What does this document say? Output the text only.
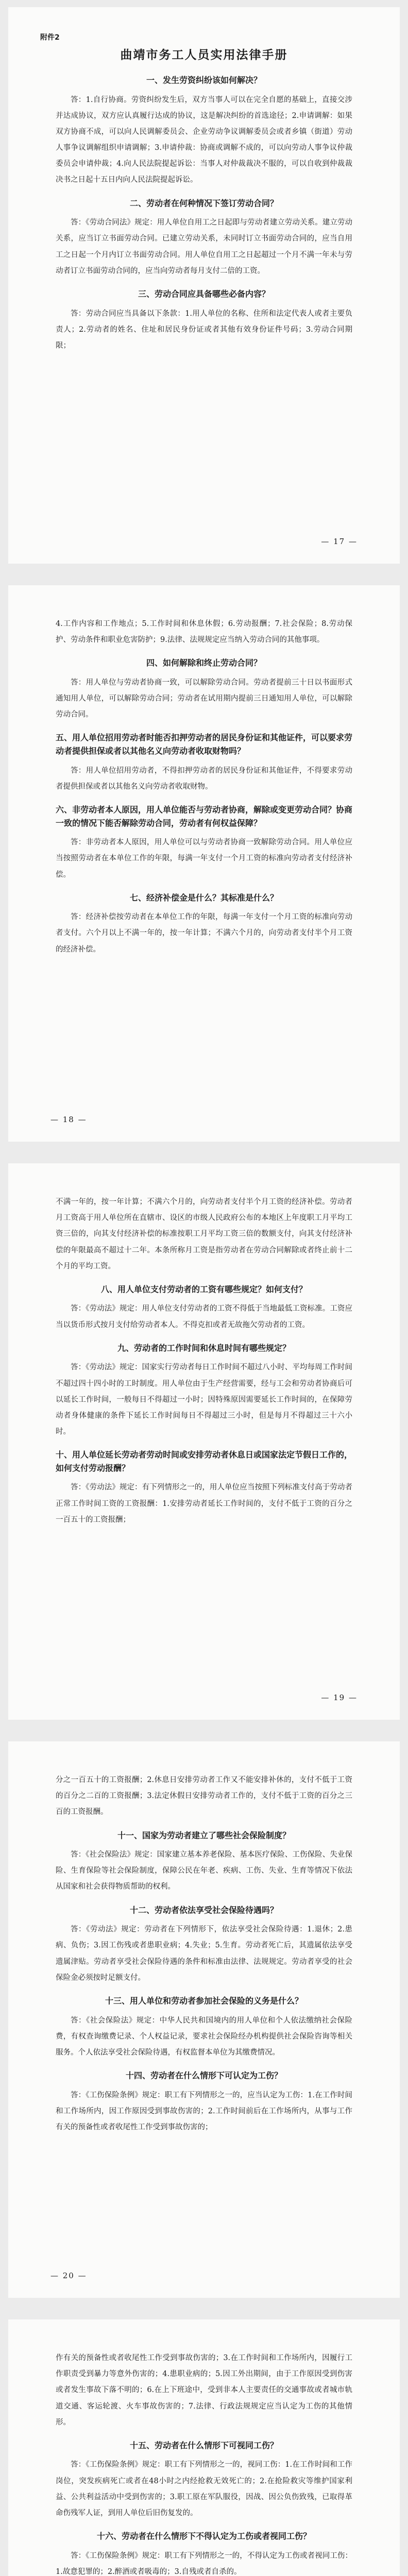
附件2
曲靖市务工人员实用法律手册
一、发生劳资纠纷该如何解决？

答：1.自行协商。劳资纠纷发生后，双方当事人可以在完全自愿的基础上，直接交涉并达成协议，双方应认真履行达成的协议，这是解决纠纷的首选途径；2.申请调解：如果双方协商不成，可以向人民调解委员会、企业劳动争议调解委员会或者乡镇（街道）劳动人事争议调解组织申请调解；3.申请仲裁：协商或调解不成的，可以向劳动人事争议仲裁委员会申请仲裁；4.向人民法院提起诉讼：当事人对仲裁裁决不服的，可以自收到仲裁裁决书之日起十五日内向人民法院提起诉讼。

二、劳动者在何种情况下签订劳动合同？

答：《劳动合同法》规定：用人单位自用工之日起即与劳动者建立劳动关系。建立劳动关系，应当订立书面劳动合同。已建立劳动关系，未同时订立书面劳动合同的，应当自用工之日起一个月内订立书面劳动合同。用人单位自用工之日起超过一个月不满一年未与劳动者订立书面劳动合同的，应当向劳动者每月支付二倍的工资。

三、劳动合同应具备哪些必备内容？

答：劳动合同应当具备以下条款：1.用人单位的名称、住所和法定代表人或者主要负责人；2.劳动者的姓名、住址和居民身份证或者其他有效身份证件号码；3.劳动合同期限；

— 17 —

4.工作内容和工作地点；5.工作时间和休息休假；6.劳动报酬；7.社会保险；8.劳动保护、劳动条件和职业危害防护；9.法律、法规规定应当纳入劳动合同的其他事项。

四、如何解除和终止劳动合同？

答：用人单位与劳动者协商一致，可以解除劳动合同。劳动者提前三十日以书面形式通知用人单位，可以解除劳动合同；劳动者在试用期内提前三日通知用人单位，可以解除劳动合同。

五、用人单位招用劳动者时能否扣押劳动者的居民身份证和其他证件，可以要求劳动者提供担保或者以其他名义向劳动者收取财物吗？

答：用人单位招用劳动者，不得扣押劳动者的居民身份证和其他证件，不得要求劳动者提供担保或者以其他名义向劳动者收取财物。

六、非劳动者本人原因，用人单位能否与劳动者协商，解除或变更劳动合同？协商一致的情况下能否解除劳动合同，劳动者有何权益保障？

答：非劳动者本人原因，用人单位可以与劳动者协商一致解除劳动合同。用人单位应当按照劳动者在本单位工作的年限，每满一年支付一个月工资的标准向劳动者支付经济补偿。

七、经济补偿金是什么？其标准是什么？

答：经济补偿按劳动者在本单位工作的年限，每满一年支付一个月工资的标准向劳动者支付。六个月以上不满一年的，按一年计算；不满六个月的，向劳动者支付半个月工资的经济补偿。

— 18 —

不满一年的，按一年计算；不满六个月的，向劳动者支付半个月工资的经济补偿。劳动者月工资高于用人单位所在直辖市、设区的市级人民政府公布的本地区上年度职工月平均工资三倍的，向其支付经济补偿的标准按职工月平均工资三倍的数额支付，向其支付经济补偿的年限最高不超过十二年。本条所称月工资是指劳动者在劳动合同解除或者终止前十二个月的平均工资。

八、用人单位支付劳动者的工资有哪些规定？如何支付？

答：《劳动法》规定：用人单位支付劳动者的工资不得低于当地最低工资标准。工资应当以货币形式按月支付给劳动者本人。不得克扣或者无故拖欠劳动者的工资。

九、劳动者的工作时间和休息时间有哪些规定？

答：《劳动法》规定：国家实行劳动者每日工作时间不超过八小时、平均每周工作时间不超过四十四小时的工时制度。用人单位由于生产经营需要，经与工会和劳动者协商后可以延长工作时间，一般每日不得超过一小时；因特殊原因需要延长工作时间的，在保障劳动者身体健康的条件下延长工作时间每日不得超过三小时，但是每月不得超过三十六小时。

十、用人单位延长劳动者劳动时间或安排劳动者休息日或国家法定节假日工作的，如何支付劳动报酬？

答：《劳动法》规定：有下列情形之一的，用人单位应当按照下列标准支付高于劳动者正常工作时间工资的工资报酬：1.安排劳动者延长工作时间的，支付不低于工资的百分之一百五十的工资报酬；

— 19 —

分之一百五十的工资报酬；2.休息日安排劳动者工作又不能安排补休的，支付不低于工资的百分之二百的工资报酬；3.法定休假日安排劳动者工作的，支付不低于工资的百分之三百的工资报酬。

十一、国家为劳动者建立了哪些社会保险制度？

答：《社会保险法》规定：国家建立基本养老保险、基本医疗保险、工伤保险、失业保险、生育保险等社会保险制度，保障公民在年老、疾病、工伤、失业、生育等情况下依法从国家和社会获得物质帮助的权利。

十二、劳动者依法享受社会保险待遇吗？

答：《劳动法》规定：劳动者在下列情形下，依法享受社会保险待遇：1.退休；2.患病、负伤；3.因工伤残或者患职业病；4.失业；5.生育。劳动者死亡后，其遗属依法享受遗属津贴。劳动者享受社会保险待遇的条件和标准由法律、法规规定。劳动者享受的社会保险金必须按时足额支付。

十三、用人单位和劳动者参加社会保险的义务是什么？

答：《社会保险法》规定：中华人民共和国境内的用人单位和个人依法缴纳社会保险费，有权查询缴费记录、个人权益记录，要求社会保险经办机构提供社会保险咨询等相关服务。个人依法享受社会保险待遇，有权监督本单位为其缴费情况。

十四、劳动者在什么情形下可认定为工伤？

答：《工伤保险条例》规定：职工有下列情形之一的，应当认定为工伤：1.在工作时间和工作场所内，因工作原因受到事故伤害的；2.工作时间前后在工作场所内，从事与工作有关的预备性或者收尾性工作受到事故伤害的；

— 20 —

作有关的预备性或者收尾性工作受到事故伤害的；3.在工作时间和工作场所内，因履行工作职责受到暴力等意外伤害的；4.患职业病的；5.因工外出期间，由于工作原因受到伤害或者发生事故下落不明的；6.在上下班途中，受到非本人主要责任的交通事故或者城市轨道交通、客运轮渡、火车事故伤害的；7.法律、行政法规规定应当认定为工伤的其他情形。

十五、劳动者在什么情形下可视同工伤？

答：《工伤保险条例》规定：职工有下列情形之一的，视同工伤：1.在工作时间和工作岗位，突发疾病死亡或者在48小时之内经抢救无效死亡的；2.在抢险救灾等维护国家利益、公共利益活动中受到伤害的；3.职工原在军队服役，因战、因公负伤致残，已取得革命伤残军人证，到用人单位后旧伤复发的。

十六、劳动者在什么情形下不得认定为工伤或者视同工伤？

答：《工伤保险条例》规定：职工有下列情形之一的，不得认定为工伤或者视同工伤：1.故意犯罪的；2.醉酒或者吸毒的；3.自残或者自杀的。
